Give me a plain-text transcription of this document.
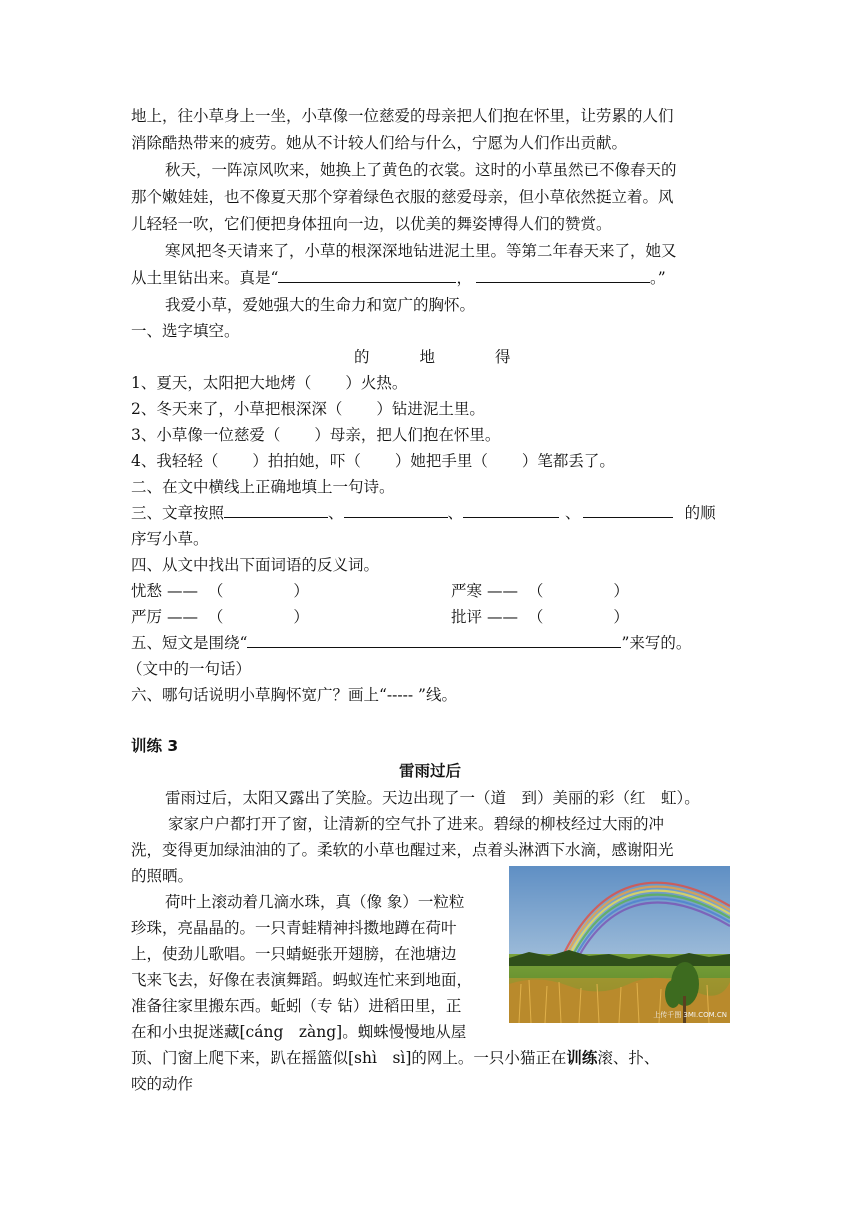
地上，往小草身上一坐，小草像一位慈爱的母亲把人们抱在怀里，让劳累的人们
消除酷热带来的疲劳。她从不计较人们给与什么，宁愿为人们作出贡献。
秋天，一阵凉风吹来，她换上了黄色的衣裳。这时的小草虽然已不像春天的
那个嫩娃娃，也不像夏天那个穿着绿色衣服的慈爱母亲，但小草依然挺立着。风
儿轻轻一吹，它们便把身体扭向一边，以优美的舞姿博得人们的赞赏。
寒风把冬天请来了，小草的根深深地钻进泥土里。等第二年春天来了，她又
从土里钻出来。真是“	，	。”
我爱小草，爱她强大的生命力和宽广的胸怀。
一、选字填空。
的	地	得
1、夏天，太阳把大地烤（ ）火热。
2、冬天来了，小草把根深深（ ）钻进泥土里。
3、小草像一位慈爱（ ）母亲，把人们抱在怀里。
4、我轻轻（ ）拍拍她，吓（ ）她把手里（ ）笔都丢了。
二、在文中横线上正确地填上一句诗。
三、文章按照	、	、	、	的顺
序写小草。
四、从文中找出下面词语的反义词。
忧愁 —— （	）	严寒 —— （	）
严厉 —— （	）	批评 —— （	）
五、短文是围绕“	”来写的。
（文中的一句话）
六、哪句话说明小草胸怀宽广？画上“----- ”线。
训练 3
雷雨过后
雷雨过后，太阳又露出了笑脸。天边出现了一（道　到）美丽的彩（红　虹）。
家家户户都打开了窗，让清新的空气扑了进来。碧绿的柳枝经过大雨的冲
洗，变得更加绿油油的了。柔软的小草也醒过来，点着头淋洒下水滴，感谢阳光
的照晒。
荷叶上滚动着几滴水珠，真（像 象）一粒粒
珍珠，亮晶晶的。一只青蛙精神抖擞地蹲在荷叶
上，使劲儿歌唱。一只蜻蜓张开翅膀，在池塘边
飞来飞去，好像在表演舞蹈。蚂蚁连忙来到地面，
准备往家里搬东西。蚯蚓（专 钻）进稻田里，正
在和小虫捉迷藏[cáng　zàng]。蜘蛛慢慢地从屋
顶、门窗上爬下来，趴在摇篮似[shì　sì]的网上。一只小猫正在训练滚、扑、
咬的动作
上传千图 3MI.COM.CN
